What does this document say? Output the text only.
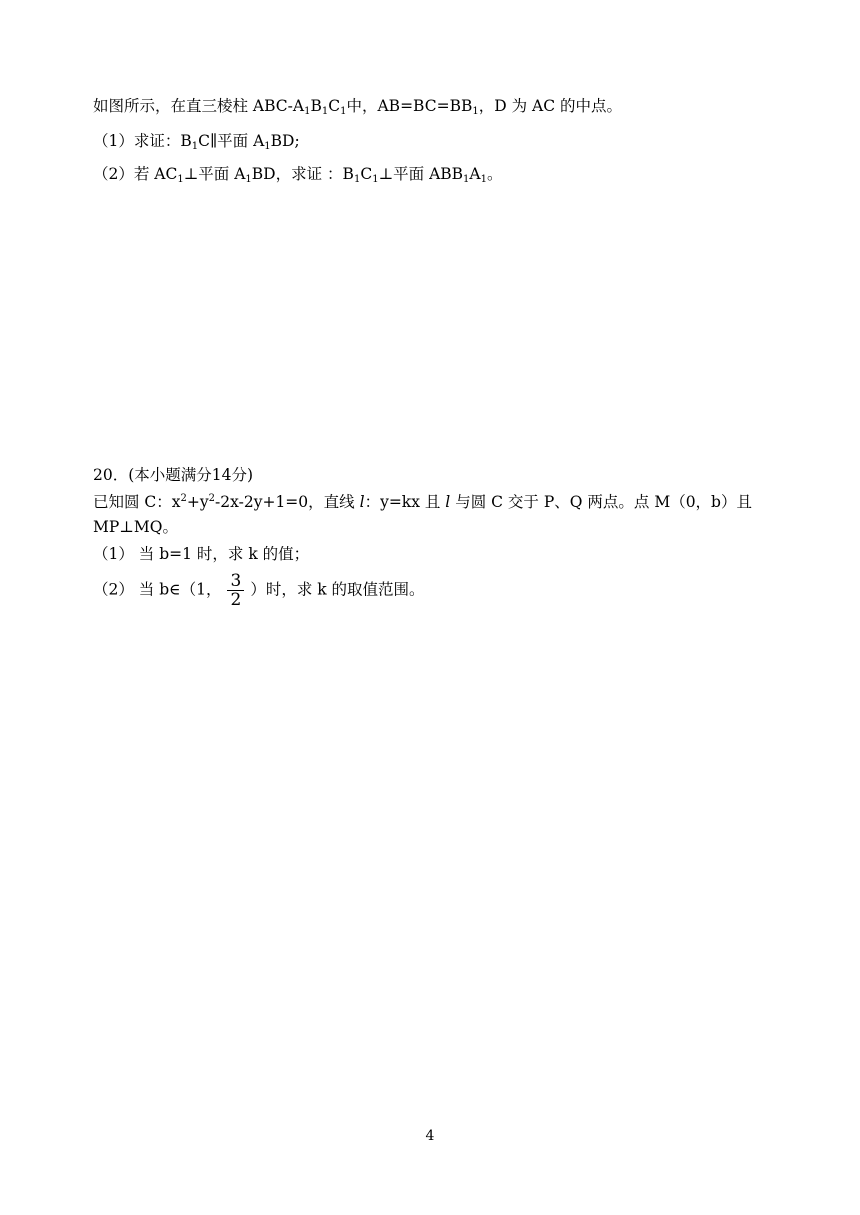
如图所示，在直三棱柱 ABC-$A_1B_1C_1$中，$AB=BC=BB_1$，D 为 AC 的中点。
（1）求证：$B_1C\parallel$平面 $A_1BD$;
（2）若 $AC_1\perp$平面 $A_1BD$，求证 ：$B_1C_1\perp$平面 $ABB_1A_1$。
20．(本小题满分14分)
已知圆 C：$x^2+y^2-2x-2y+1=0$，直线 l：y=kx 且 l 与圆 C 交于 P、Q 两点。点 M（0，b）且
MP⊥MQ。
（1） 当 b=1 时，求 k 的值；
（2） 当 b∈（1， $\frac{3}{2}$ ）时，求 k 的取值范围。
4
